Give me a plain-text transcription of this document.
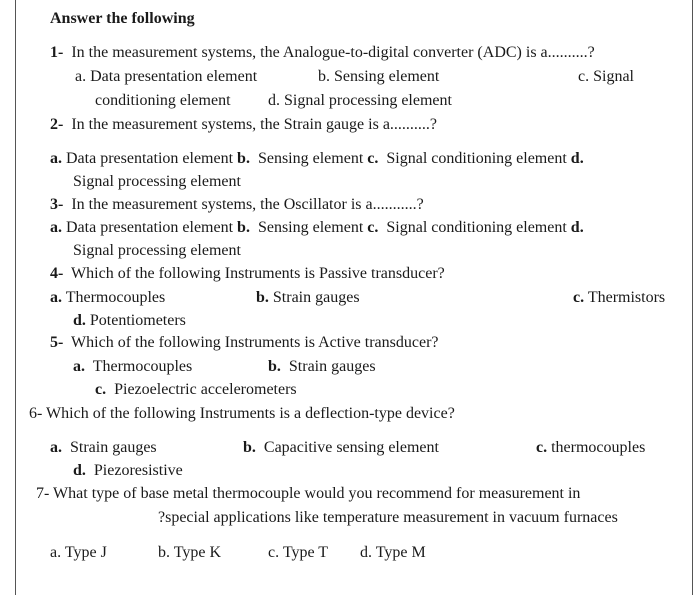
Answer the following
1- In the measurement systems, the Analogue-to-digital converter (ADC) is a..........?
a. Data presentation element	b. Sensing element	c. Signal
conditioning element d. Signal processing element
2- In the measurement systems, the Strain gauge is a..........?
a. Data presentation element b. Sensing element c. Signal conditioning element d.
Signal processing element
3- In the measurement systems, the Oscillator is a...........?
a. Data presentation element b. Sensing element c. Signal conditioning element d.
Signal processing element
4- Which of the following Instruments is Passive transducer?
a. Thermocouples	b. Strain gauges	c. Thermistors
d. Potentiometers
5- Which of the following Instruments is Active transducer?
a. Thermocouples	b. Strain gauges
c. Piezoelectric accelerometers
6- Which of the following Instruments is a deflection-type device?
a. Strain gauges	b. Capacitive sensing element	c. thermocouples
d. Piezoresistive
7- What type of base metal thermocouple would you recommend for measurement in
?special applications like temperature measurement in vacuum furnaces
a. Type J	b. Type K	c. Type T d. Type M
